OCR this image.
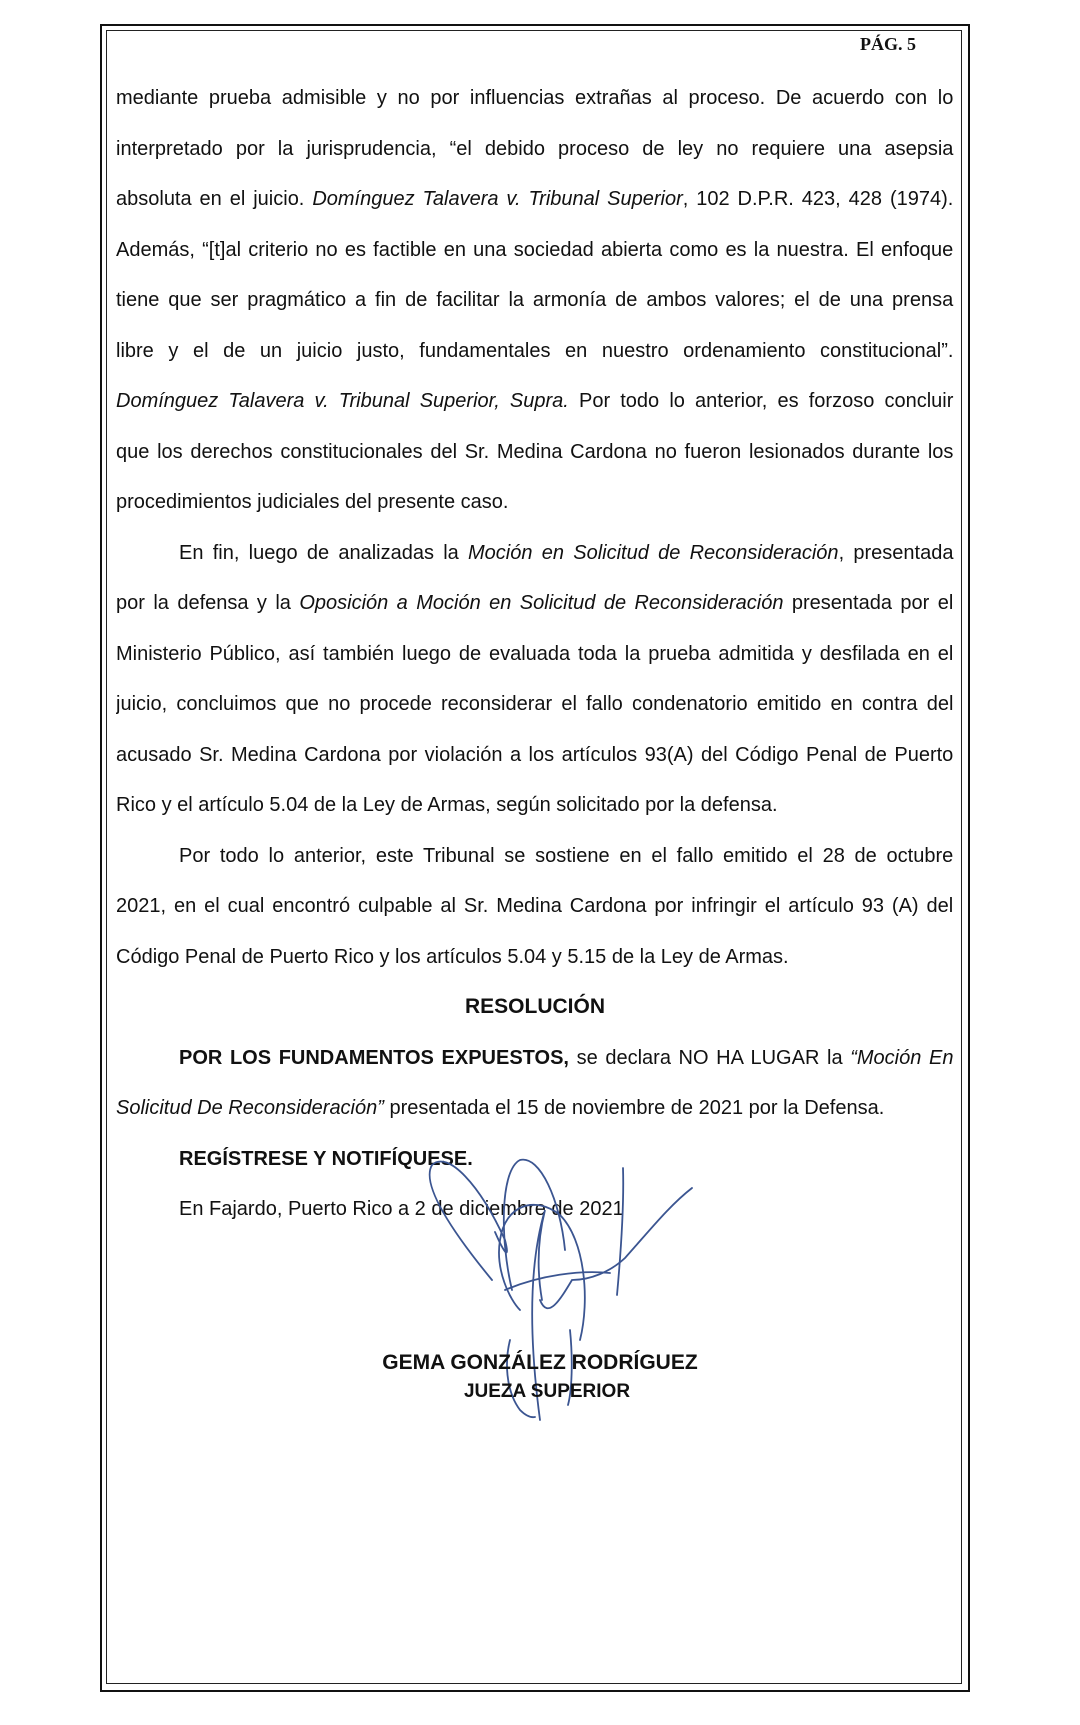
PÁG. 5
mediante prueba admisible y no por influencias extrañas al proceso. De acuerdo con lo
interpretado por la jurisprudencia, “el debido proceso de ley no requiere una asepsia
absoluta en el juicio. Domínguez Talavera v. Tribunal Superior, 102 D.P.R. 423, 428 (1974).
Además, “[t]al criterio no es factible en una sociedad abierta como es la nuestra. El enfoque
tiene que ser pragmático a fin de facilitar la armonía de ambos valores; el de una prensa
libre y el de un juicio justo, fundamentales en nuestro ordenamiento constitucional”.
Domínguez Talavera v. Tribunal Superior, Supra. Por todo lo anterior, es forzoso concluir
que los derechos constitucionales del Sr. Medina Cardona no fueron lesionados durante los
procedimientos judiciales del presente caso.
En fin, luego de analizadas la Moción en Solicitud de Reconsideración, presentada
por la defensa y la Oposición a Moción en Solicitud de Reconsideración presentada por el
Ministerio Público, así también luego de evaluada toda la prueba admitida y desfilada en el
juicio, concluimos que no procede reconsiderar el fallo condenatorio emitido en contra del
acusado Sr. Medina Cardona por violación a los artículos 93(A) del Código Penal de Puerto
Rico y el artículo 5.04 de la Ley de Armas, según solicitado por la defensa.
Por todo lo anterior, este Tribunal se sostiene en el fallo emitido el 28 de octubre
2021, en el cual encontró culpable al Sr. Medina Cardona por infringir el artículo 93 (A) del
Código Penal de Puerto Rico y los artículos 5.04 y 5.15 de la Ley de Armas.
RESOLUCIÓN
POR LOS FUNDAMENTOS EXPUESTOS, se declara NO HA LUGAR la “Moción En
Solicitud De Reconsideración” presentada el 15 de noviembre de 2021 por la Defensa.
REGÍSTRESE Y NOTIFÍQUESE.
En Fajardo, Puerto Rico a 2 de diciembre de 2021
GEMA GONZÁLEZ RODRÍGUEZ
JUEZA SUPERIOR
